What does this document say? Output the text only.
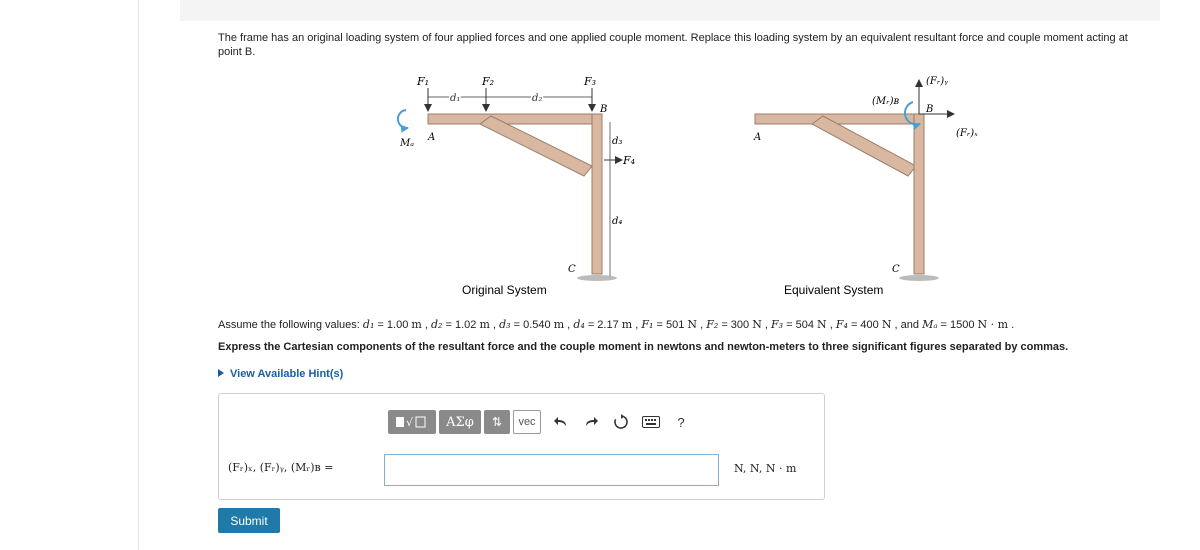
The frame has an original loading system of four applied forces and one applied couple moment. Replace this loading system by an equivalent resultant force and couple moment acting at point B.

F₁	F₂	F₃
F₄
d₁	d₂
d₃
d₄
A
Mₐ
B
C
Original System
A
B
C
(Mᵣ)ʙ
(Fᵣ)ᵧ
(Fᵣ)ₓ
Equivalent System
Assume the following values: d₁ = 1.00 m , d₂ = 1.02 m , d₃ = 0.540 m , d₄ = 2.17 m , F₁ = 501 N , F₂ = 300 N , F₃ = 504 N , F₄ = 400 N , and Mₐ = 1500 N · m .

Express the Cartesian components of the resultant force and the couple moment in newtons and newton-meters to three significant figures separated by commas.

View Available Hint(s)
√	ΑΣφ	⇅	vec	?
(Fᵣ)ₓ, (Fᵣ)ᵧ, (Mᵣ)ʙ =	N, N, N · m
Submit
